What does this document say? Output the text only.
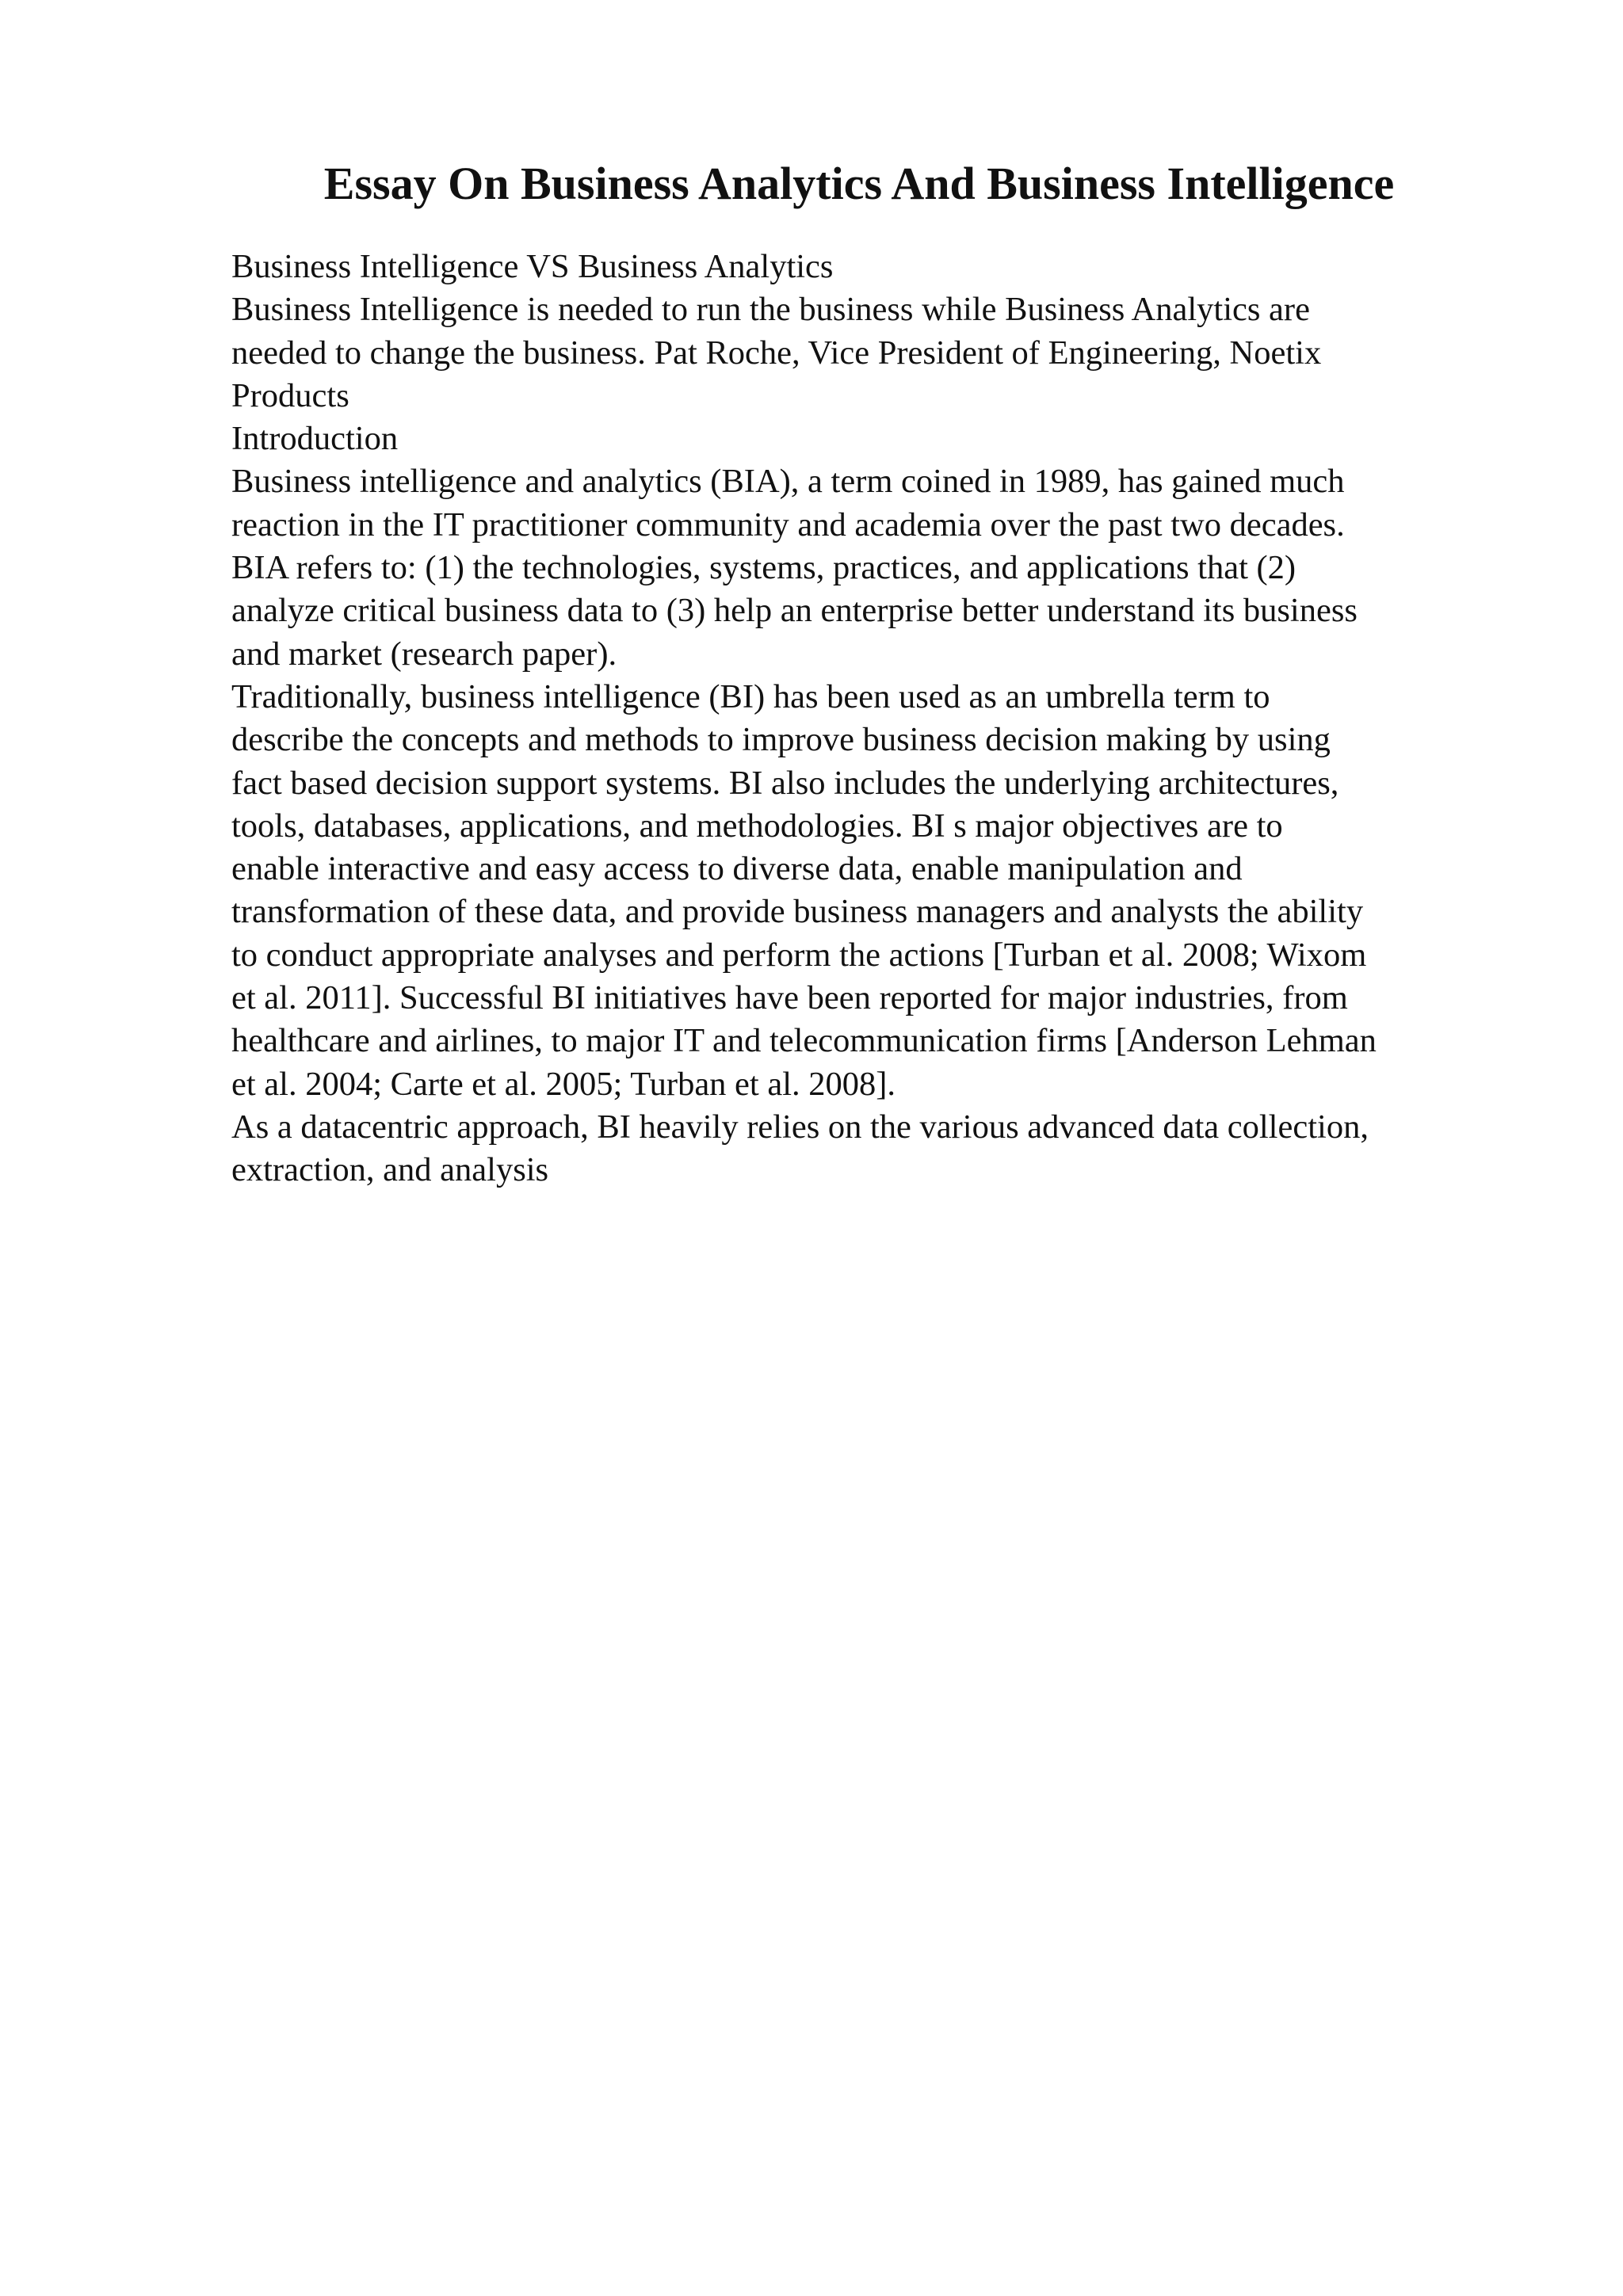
Essay On Business Analytics And Business Intelligence
Business Intelligence VS Business Analytics
Business Intelligence is needed to run the business while Business Analytics are
needed to change the business. Pat Roche, Vice President of Engineering, Noetix
Products
Introduction
Business intelligence and analytics (BIA), a term coined in 1989, has gained much
reaction in the IT practitioner community and academia over the past two decades.
BIA refers to: (1) the technologies, systems, practices, and applications that (2)
analyze critical business data to (3) help an enterprise better understand its business
and market (research paper).
Traditionally, business intelligence (BI) has been used as an umbrella term to
describe the concepts and methods to improve business decision making by using
fact based decision support systems. BI also includes the underlying architectures,
tools, databases, applications, and methodologies. BI s major objectives are to
enable interactive and easy access to diverse data, enable manipulation and
transformation of these data, and provide business managers and analysts the ability
to conduct appropriate analyses and perform the actions [Turban et al. 2008; Wixom
et al. 2011]. Successful BI initiatives have been reported for major industries, from
healthcare and airlines, to major IT and telecommunication firms [Anderson Lehman
et al. 2004; Carte et al. 2005; Turban et al. 2008].
As a datacentric approach, BI heavily relies on the various advanced data collection,
extraction, and analysis
